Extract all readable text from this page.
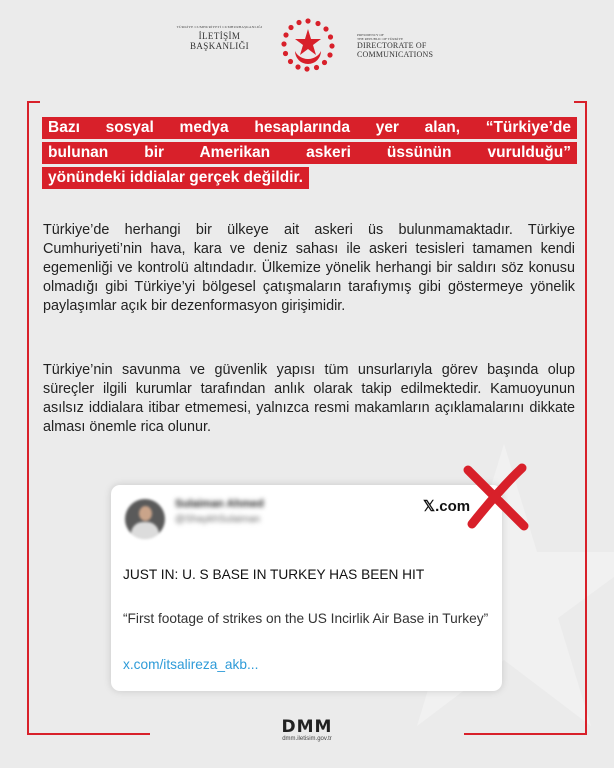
TÜRKİYE CUMHURİYETİ CUMHURBAŞKANLIĞI
İLETİŞİM BAŞKANLIĞI
PRESIDENCY OF
THE REPUBLIC OF TÜRKİYE
DIRECTORATE OF
COMMUNICATIONS
Bazı sosyal medya hesaplarında yer alan, “Türkiye’de
bulunan bir Amerikan askeri üssünün vurulduğu”
yönündeki iddialar gerçek değildir.
Türkiye’de herhangi bir ülkeye ait askeri üs bulunmamaktadır. Türkiye Cumhuriyeti’nin hava, kara ve deniz sahası ile askeri tesisleri tamamen kendi egemenliği ve kontrolü altındadır. Ülkemize yönelik herhangi bir saldırı söz konusu olmadığı gibi Türkiye’yi bölgesel çatışmaların tarafıymış gibi göstermeye yönelik paylaşımlar açık bir dezenformasyon girişimidir.
Türkiye’nin savunma ve güvenlik yapısı tüm unsurlarıyla görev başında olup süreçler ilgili kurumlar tarafından anlık olarak takip edilmektedir. Kamuoyunun asılsız iddialara itibar etmemesi, yalnızca resmi makamların açıklamalarını dikkate alması önemle rica olunur.
Sulaiman Ahmed
@ShaykhSulaiman
𝕏.com
JUST IN: U. S BASE IN TURKEY HAS BEEN HIT
“First footage of strikes on the US Incirlik Air Base in Turkey”
x.com/itsalireza_akb...
DMM
dmm.iletisim.gov.tr
